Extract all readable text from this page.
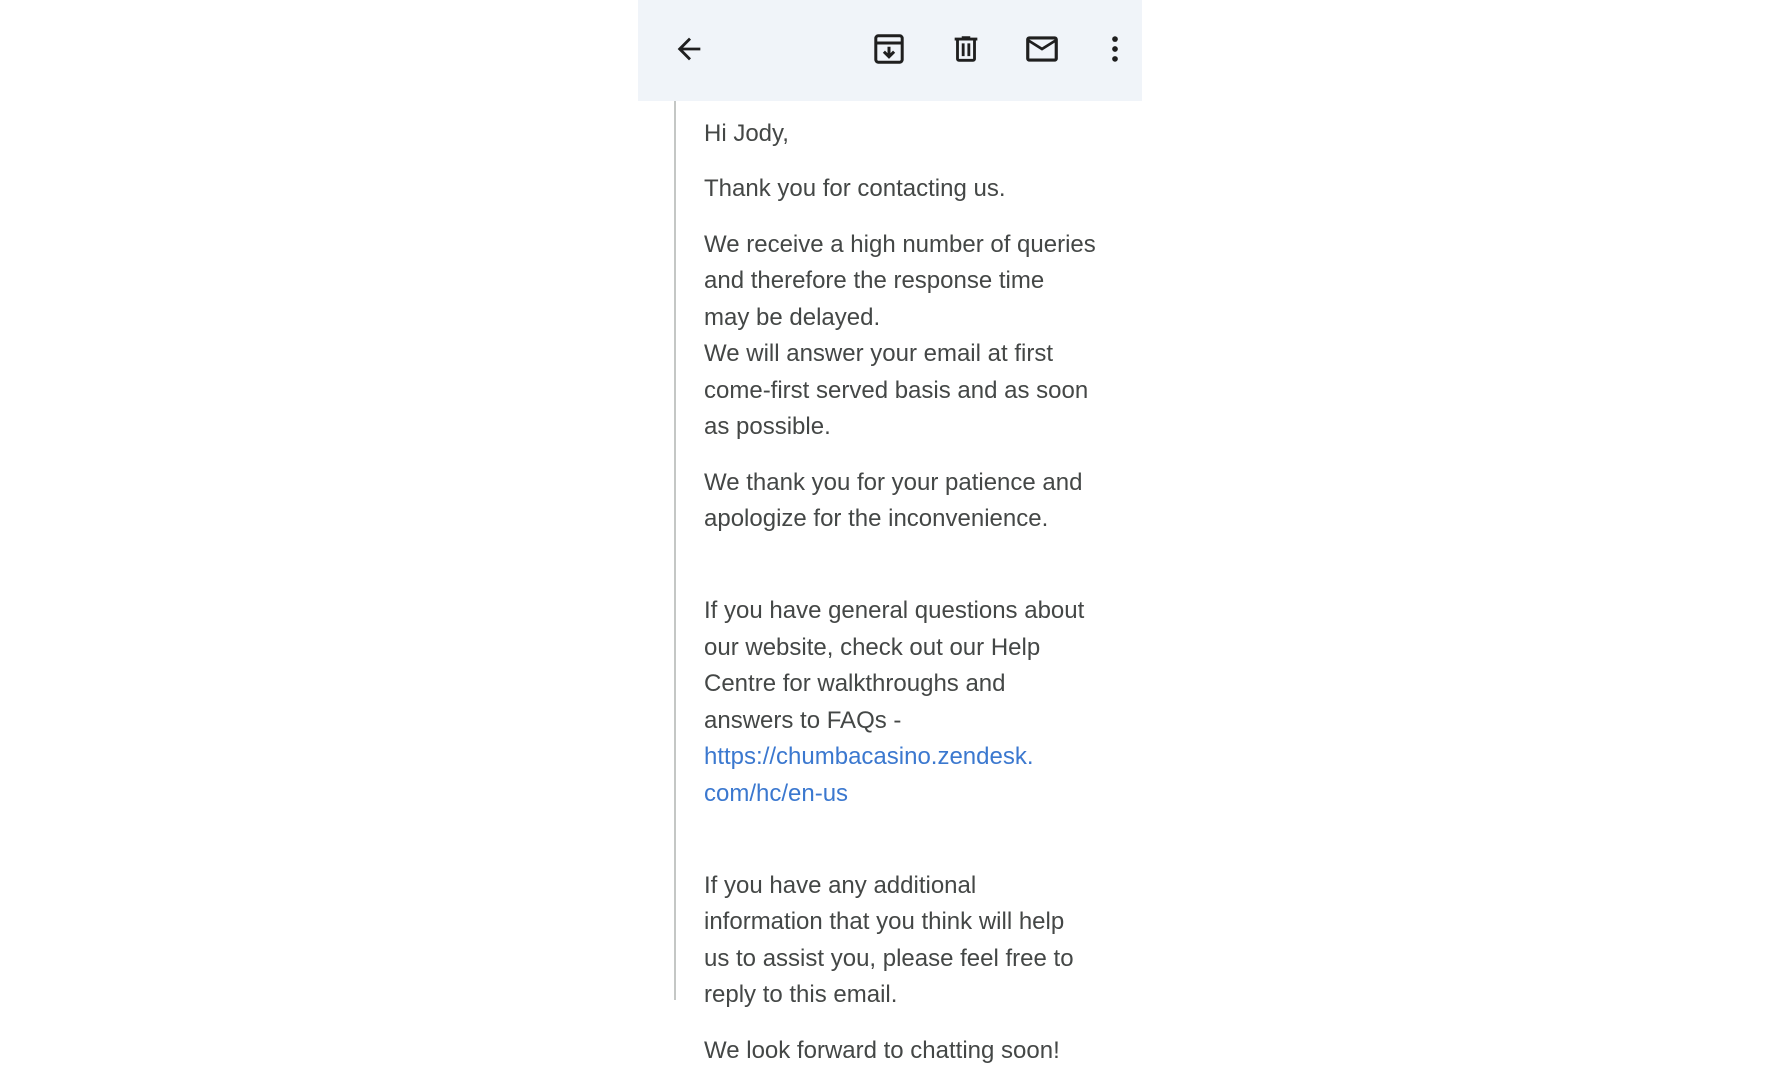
Hi Jody,

Thank you for contacting us.

We receive a high number of queries
and therefore the response time
may be delayed.
We will answer your email at first
come-first served basis and as soon
as possible.

We thank you for your patience and
apologize for the inconvenience.

If you have general questions about
our website, check out our Help
Centre for walkthroughs and
answers to FAQs -

https://chumbacasino.zendesk.
com/hc/en-us

If you have any additional
information that you think will help
us to assist you, please feel free to
reply to this email.

We look forward to chatting soon!
